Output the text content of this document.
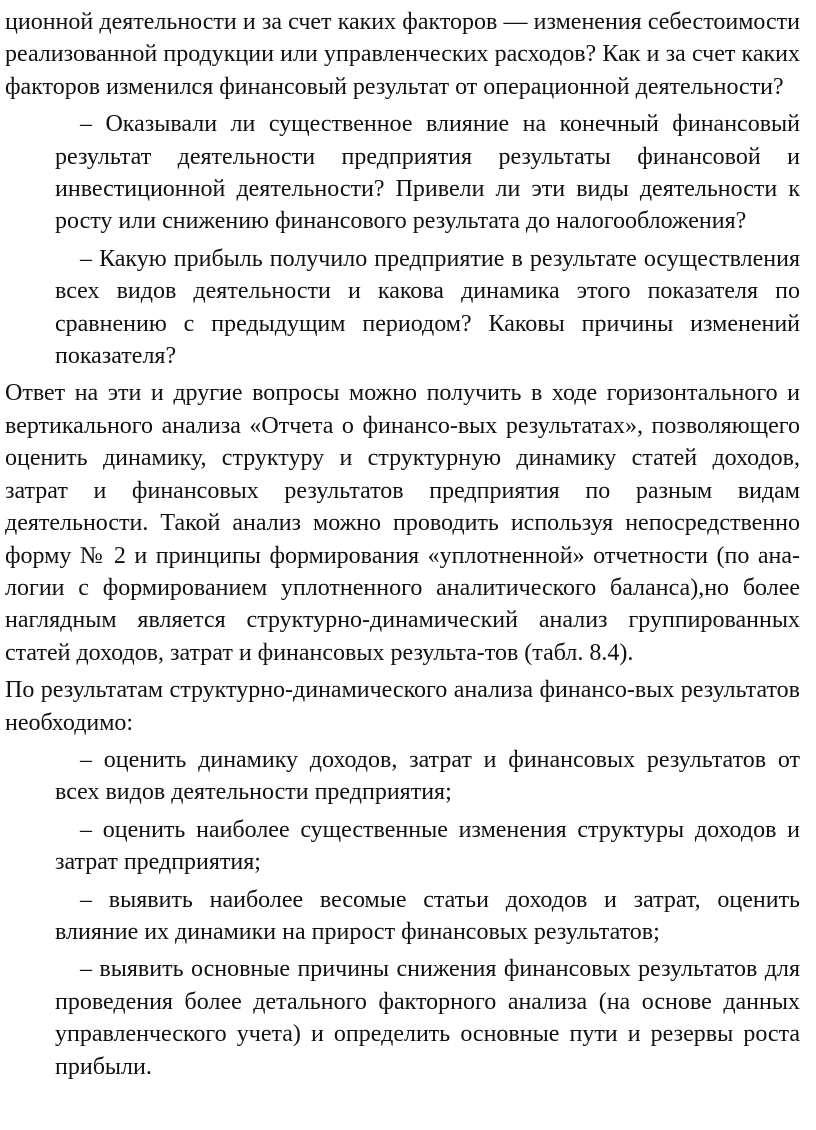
ционной деятельности и за счет каких факторов — изменения себестоимости реализованной продукции или управленческих расходов? Как и за счет каких факторов изменился финансовый результат от операционной деятельности?

– Оказывали ли существенное влияние на конечный финансовый результат деятельности предприятия результаты финансовой и инвестиционной деятельности? Привели ли эти виды деятельности к росту или снижению финансового результата до налогообложения?

– Какую прибыль получило предприятие в результате осуществления всех видов деятельности и какова динамика этого показателя по сравнению с предыдущим периодом? Каковы причины изменений показателя?

Ответ на эти и другие вопросы можно получить в ходе горизонтального и вертикального анализа «Отчета о финансо-вых результатах», позволяющего оценить динамику, структуру и структурную динамику статей доходов, затрат и финансовых результатов предприятия по разным видам деятельности. Такой анализ можно проводить используя непосредственно форму № 2 и принципы формирования «уплотненной» отчетности (по ана-логии с формированием уплотненного аналитического баланса),но более наглядным является структурно-динамический анализ группированных статей доходов, затрат и финансовых результа-тов (табл. 8.4).

По результатам структурно-динамического анализа финансо-вых результатов необходимо:

– оценить динамику доходов, затрат и финансовых результатов от всех видов деятельности предприятия;

– оценить наиболее существенные изменения структуры доходов и затрат предприятия;

– выявить наиболее весомые статьи доходов и затрат, оценить влияние их динамики на прирост финансовых результатов;

– выявить основные причины снижения финансовых результатов для проведения более детального факторного анализа (на основе данных управленческого учета) и определить основные пути и резервы роста прибыли.
